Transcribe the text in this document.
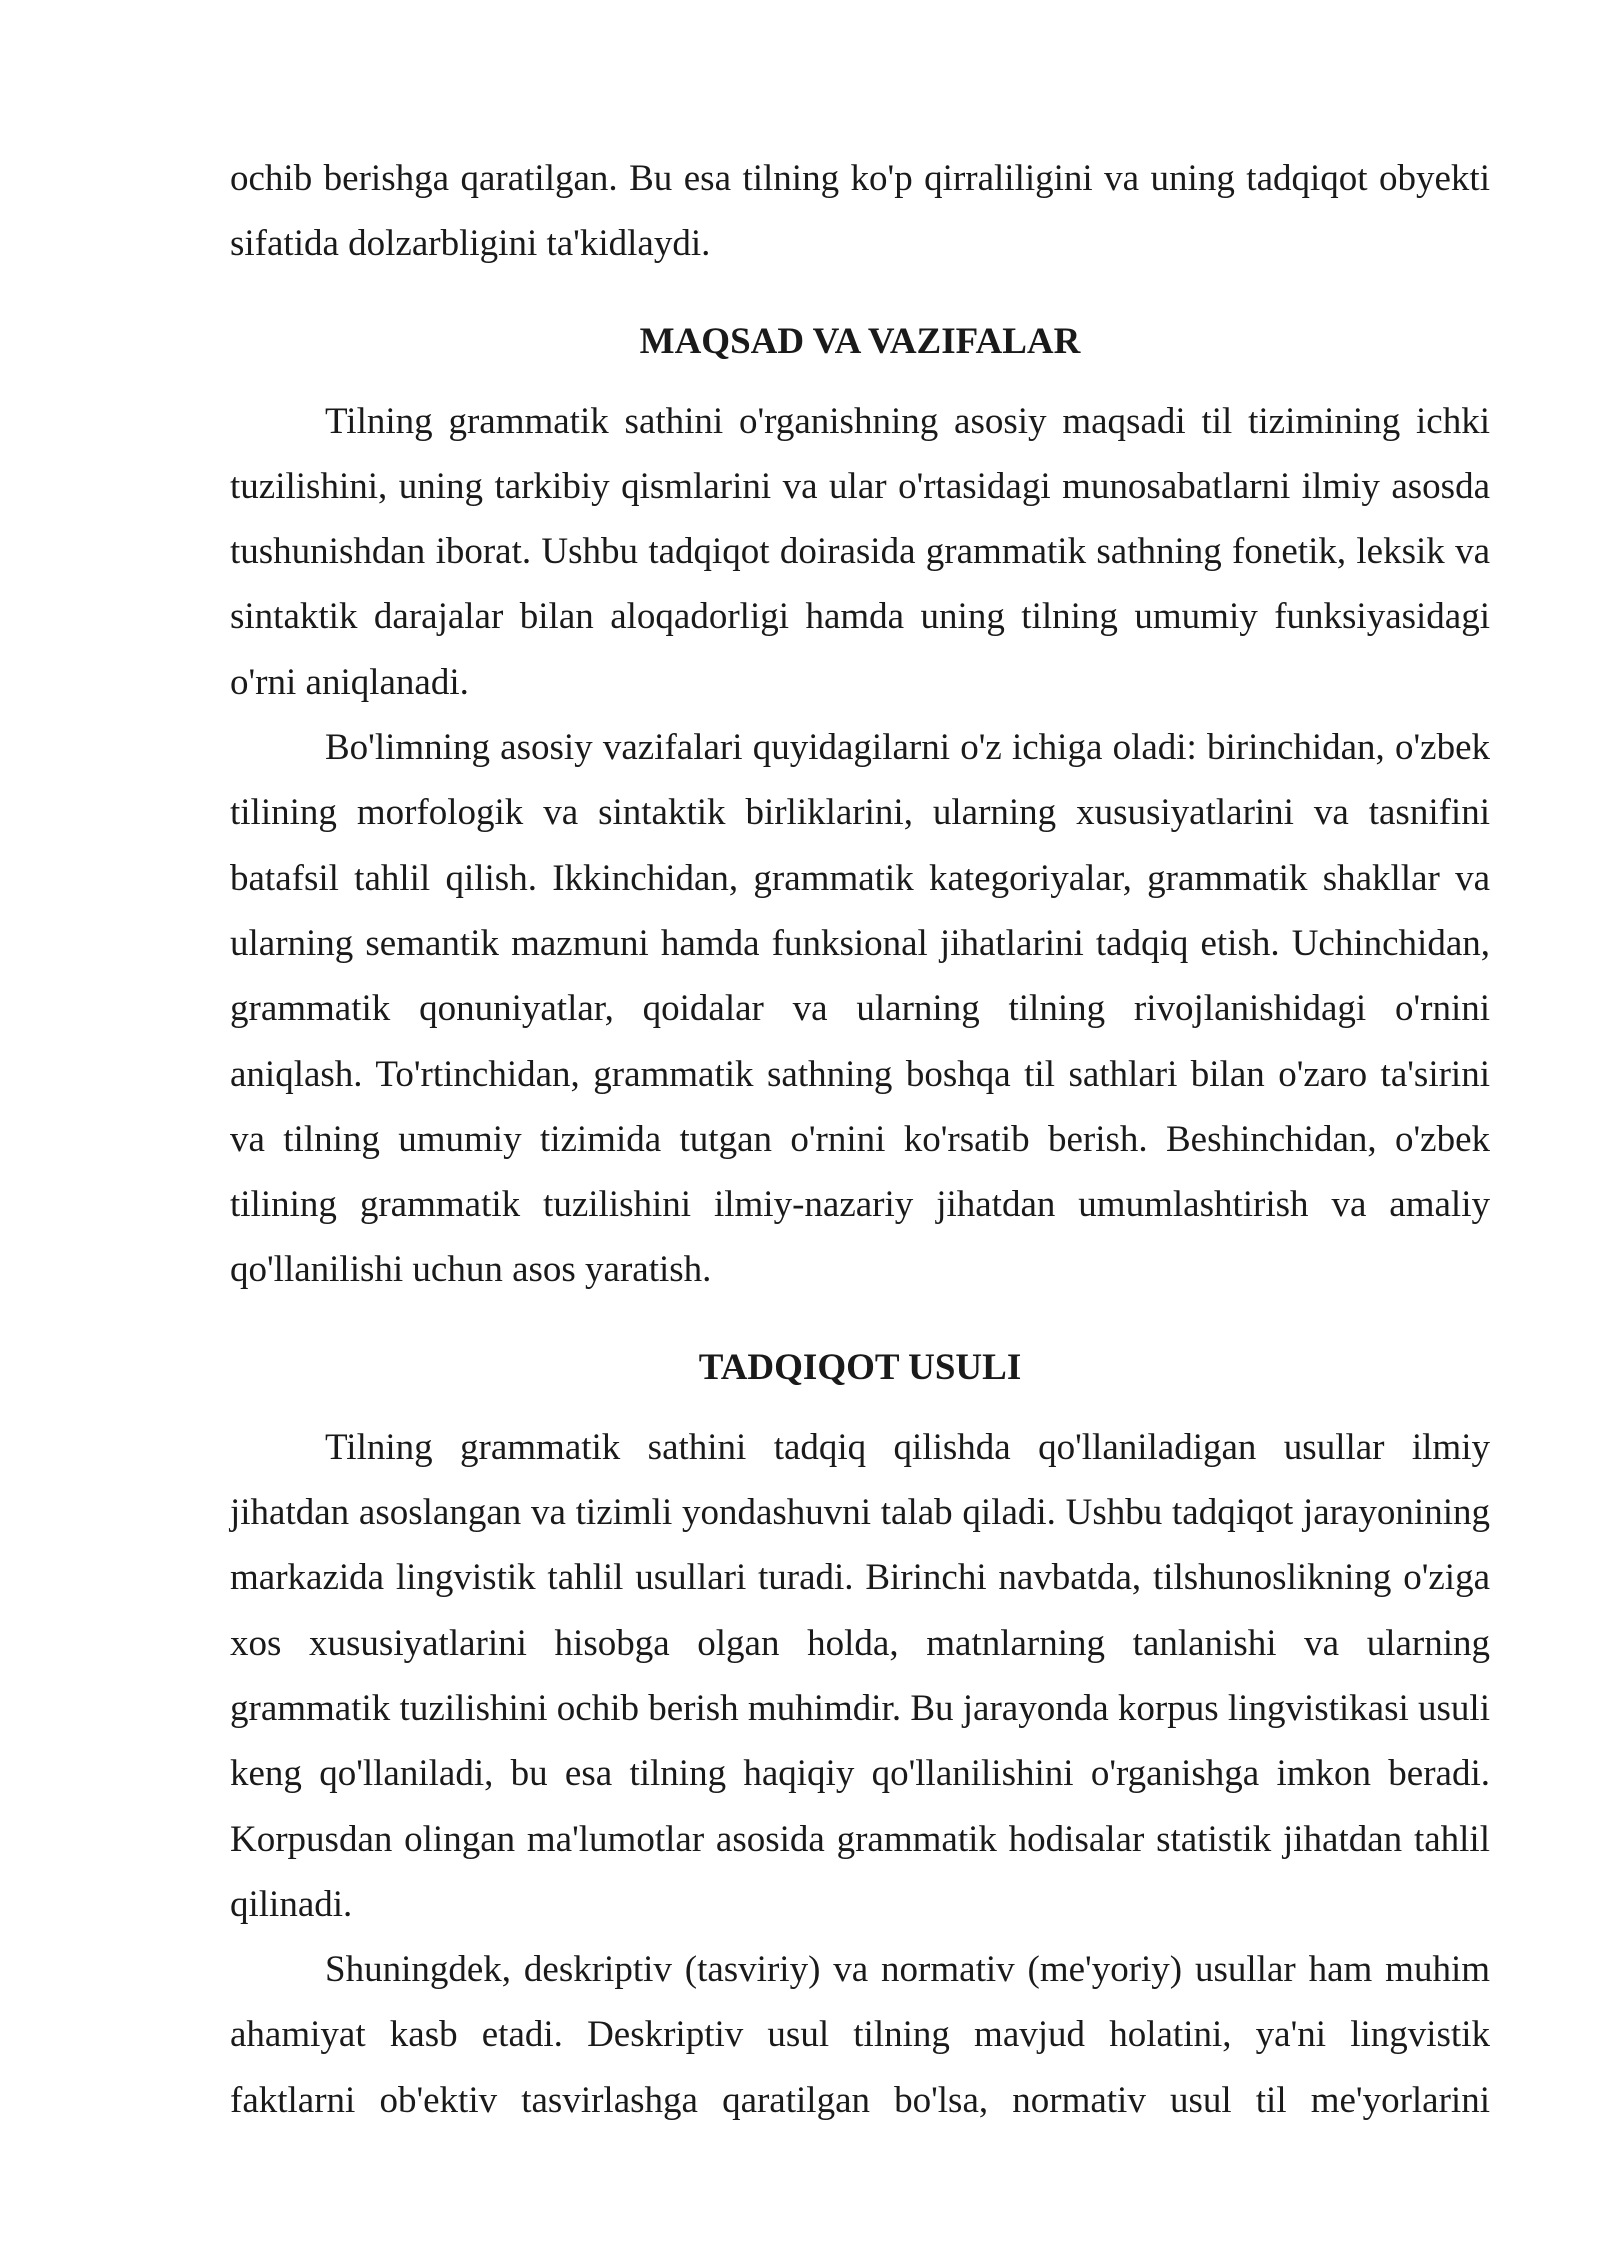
ochib berishga qaratilgan. Bu esa tilning ko'p qirraliligini va uning tadqiqot obyekti sifatida dolzarbligini ta'kidlaydi.

MAQSAD VA VAZIFALAR

Tilning grammatik sathini o'rganishning asosiy maqsadi til tizimining ichki tuzilishini, uning tarkibiy qismlarini va ular o'rtasidagi munosabatlarni ilmiy asosda tushunishdan iborat. Ushbu tadqiqot doirasida grammatik sathning fonetik, leksik va sintaktik darajalar bilan aloqadorligi hamda uning tilning umumiy funksiyasidagi o'rni aniqlanadi.

Bo'limning asosiy vazifalari quyidagilarni o'z ichiga oladi: birinchidan, o'zbek tilining morfologik va sintaktik birliklarini, ularning xususiyatlarini va tasnifini batafsil tahlil qilish. Ikkinchidan, grammatik kategoriyalar, grammatik shakllar va ularning semantik mazmuni hamda funksional jihatlarini tadqiq etish. Uchinchidan, grammatik qonuniyatlar, qoidalar va ularning tilning rivojlanishidagi o'rnini aniqlash. To'rtinchidan, grammatik sathning boshqa til sathlari bilan o'zaro ta'sirini va tilning umumiy tizimida tutgan o'rnini ko'rsatib berish. Beshinchidan, o'zbek tilining grammatik tuzilishini ilmiy-nazariy jihatdan umumlashtirish va amaliy qo'llanilishi uchun asos yaratish.

TADQIQOT USULI

Tilning grammatik sathini tadqiq qilishda qo'llaniladigan usullar ilmiy jihatdan asoslangan va tizimli yondashuvni talab qiladi. Ushbu tadqiqot jarayonining markazida lingvistik tahlil usullari turadi. Birinchi navbatda, tilshunoslikning o'ziga xos xususiyatlarini hisobga olgan holda, matnlarning tanlanishi va ularning grammatik tuzilishini ochib berish muhimdir. Bu jarayonda korpus lingvistikasi usuli keng qo'llaniladi, bu esa tilning haqiqiy qo'llanilishini o'rganishga imkon beradi. Korpusdan olingan ma'lumotlar asosida grammatik hodisalar statistik jihatdan tahlil qilinadi.

Shuningdek, deskriptiv (tasviriy) va normativ (me'yoriy) usullar ham muhim ahamiyat kasb etadi. Deskriptiv usul tilning mavjud holatini, ya'ni lingvistik faktlarni ob'ektiv tasvirlashga qaratilgan bo'lsa, normativ usul til me'yorlarini
